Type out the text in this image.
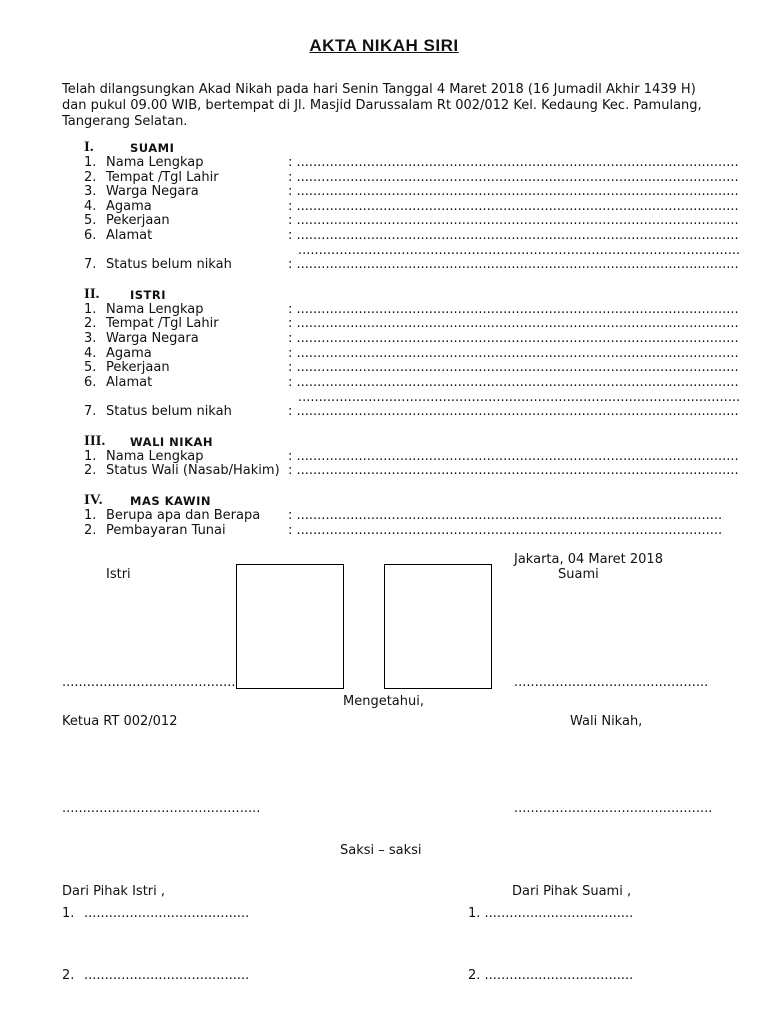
AKTA NIKAH SIRI
Telah dilangsungkan Akad Nikah pada hari Senin Tanggal 4 Maret 2018 (16 Jumadil Akhir 1439 H) dan pukul 09.00 WIB, bertempat di Jl. Masjid Darussalam Rt 002/012 Kel. Kedaung Kec. Pamulang, Tangerang Selatan.
I.	SUAMI
1. Nama Lengkap	: ...........................................................................................................
2. Tempat /Tgl Lahir	: ...........................................................................................................
3. Warga Negara	: ...........................................................................................................
4. Agama	: ...........................................................................................................
5. Pekerjaan	: ...........................................................................................................
6. Alamat	: ...........................................................................................................
...........................................................................................................
7. Status belum nikah	: ...........................................................................................................
II.	ISTRI
1. Nama Lengkap	: ...........................................................................................................
2. Tempat /Tgl Lahir	: ...........................................................................................................
3. Warga Negara	: ...........................................................................................................
4. Agama	: ...........................................................................................................
5. Pekerjaan	: ...........................................................................................................
6. Alamat	: ...........................................................................................................
...........................................................................................................
7. Status belum nikah	: ...........................................................................................................
III. WALI NIKAH
1. Nama Lengkap	: ...........................................................................................................
2. Status Wali (Nasab/Hakim) : ...........................................................................................................
IV. MAS KAWIN
1. Berupa apa dan Berapa : .......................................................................................................
2. Pembayaran Tunai	: .......................................................................................................
Jakarta, 04 Maret 2018
Istri	Suami
..........................................	...............................................
Mengetahui,
Ketua RT 002/012	Wali Nikah,
................................................	................................................
Saksi – saksi
Dari Pihak Istri ,	Dari Pihak Suami ,
1. ........................................	1. ....................................
2. ........................................	2. ....................................
